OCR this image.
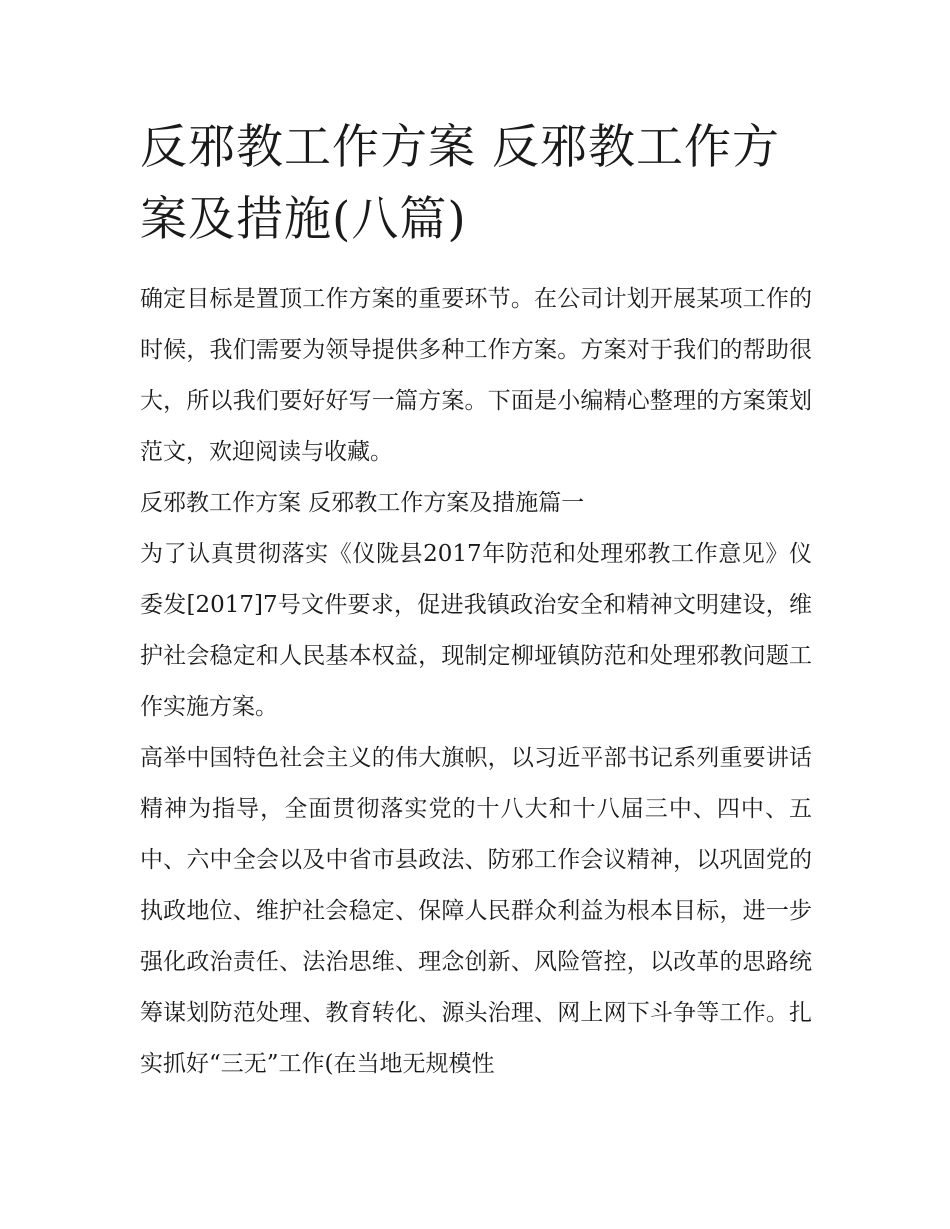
反邪教工作方案 反邪教工作方案及措施(八篇)

确定目标是置顶工作方案的重要环节。在公司计划开展某项工作的时候，我们需要为领导提供多种工作方案。方案对于我们的帮助很大，所以我们要好好写一篇方案。下面是小编精心整理的方案策划范文，欢迎阅读与收藏。

反邪教工作方案 反邪教工作方案及措施篇一

为了认真贯彻落实《仪陇县2017年防范和处理邪教工作意见》仪委发[2017]7号文件要求，促进我镇政治安全和精神文明建设，维护社会稳定和人民基本权益，现制定柳垭镇防范和处理邪教问题工作实施方案。

高举中国特色社会主义的伟大旗帜，以习近平部书记系列重要讲话精神为指导，全面贯彻落实党的十八大和十八届三中、四中、五中、六中全会以及中省市县政法、防邪工作会议精神，以巩固党的执政地位、维护社会稳定、保障人民群众利益为根本目标，进一步强化政治责任、法治思维、理念创新、风险管控，以改革的思路统筹谋划防范处理、教育转化、源头治理、网上网下斗争等工作。扎实抓好“三无”工作(在当地无规模性
